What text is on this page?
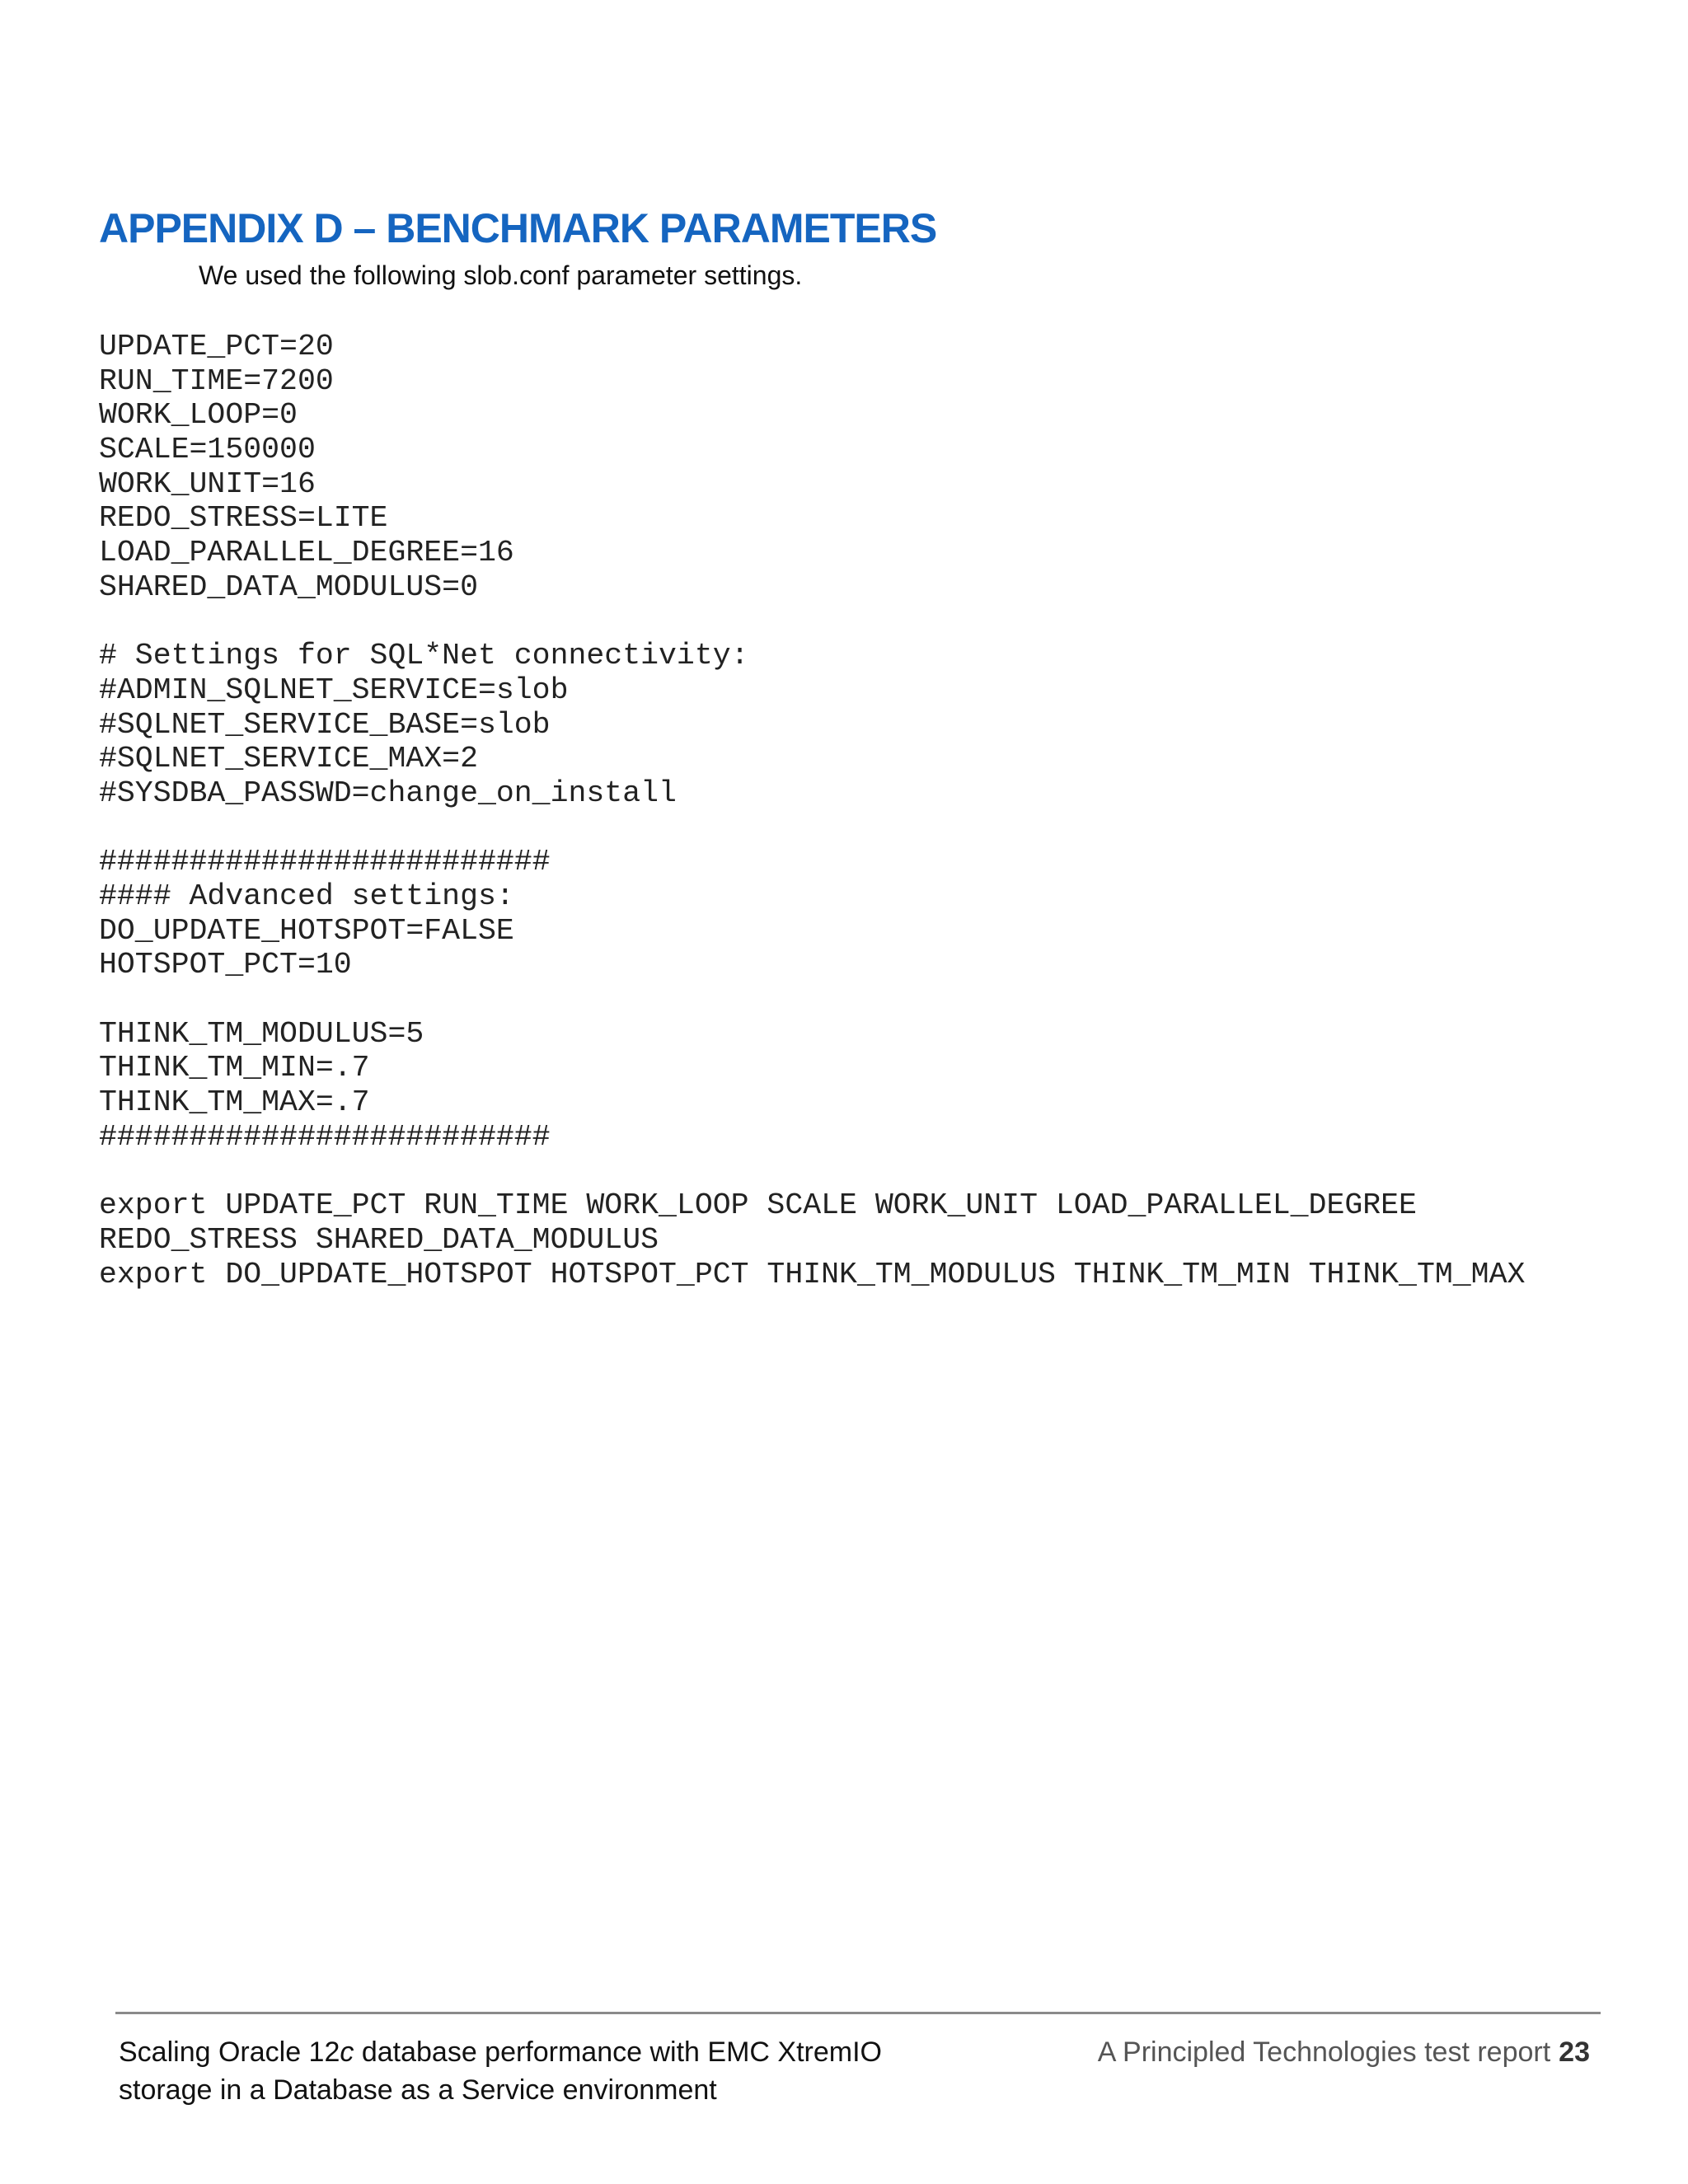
APPENDIX D – BENCHMARK PARAMETERS

We used the following slob.conf parameter settings.

UPDATE_PCT=20
RUN_TIME=7200
WORK_LOOP=0
SCALE=150000
WORK_UNIT=16
REDO_STRESS=LITE
LOAD_PARALLEL_DEGREE=16
SHARED_DATA_MODULUS=0
# Settings for SQL*Net connectivity:
#ADMIN_SQLNET_SERVICE=slob
#SQLNET_SERVICE_BASE=slob
#SQLNET_SERVICE_MAX=2
#SYSDBA_PASSWD=change_on_install
#########################
#### Advanced settings:
DO_UPDATE_HOTSPOT=FALSE
HOTSPOT_PCT=10
THINK_TM_MODULUS=5
THINK_TM_MIN=.7
THINK_TM_MAX=.7
#########################
export UPDATE_PCT RUN_TIME WORK_LOOP SCALE WORK_UNIT LOAD_PARALLEL_DEGREE
REDO_STRESS SHARED_DATA_MODULUS
export DO_UPDATE_HOTSPOT HOTSPOT_PCT THINK_TM_MODULUS THINK_TM_MIN THINK_TM_MAX
Scaling Oracle 12c database performance with EMC XtremIO
storage in a Database as a Service environment
A Principled Technologies test report 23
